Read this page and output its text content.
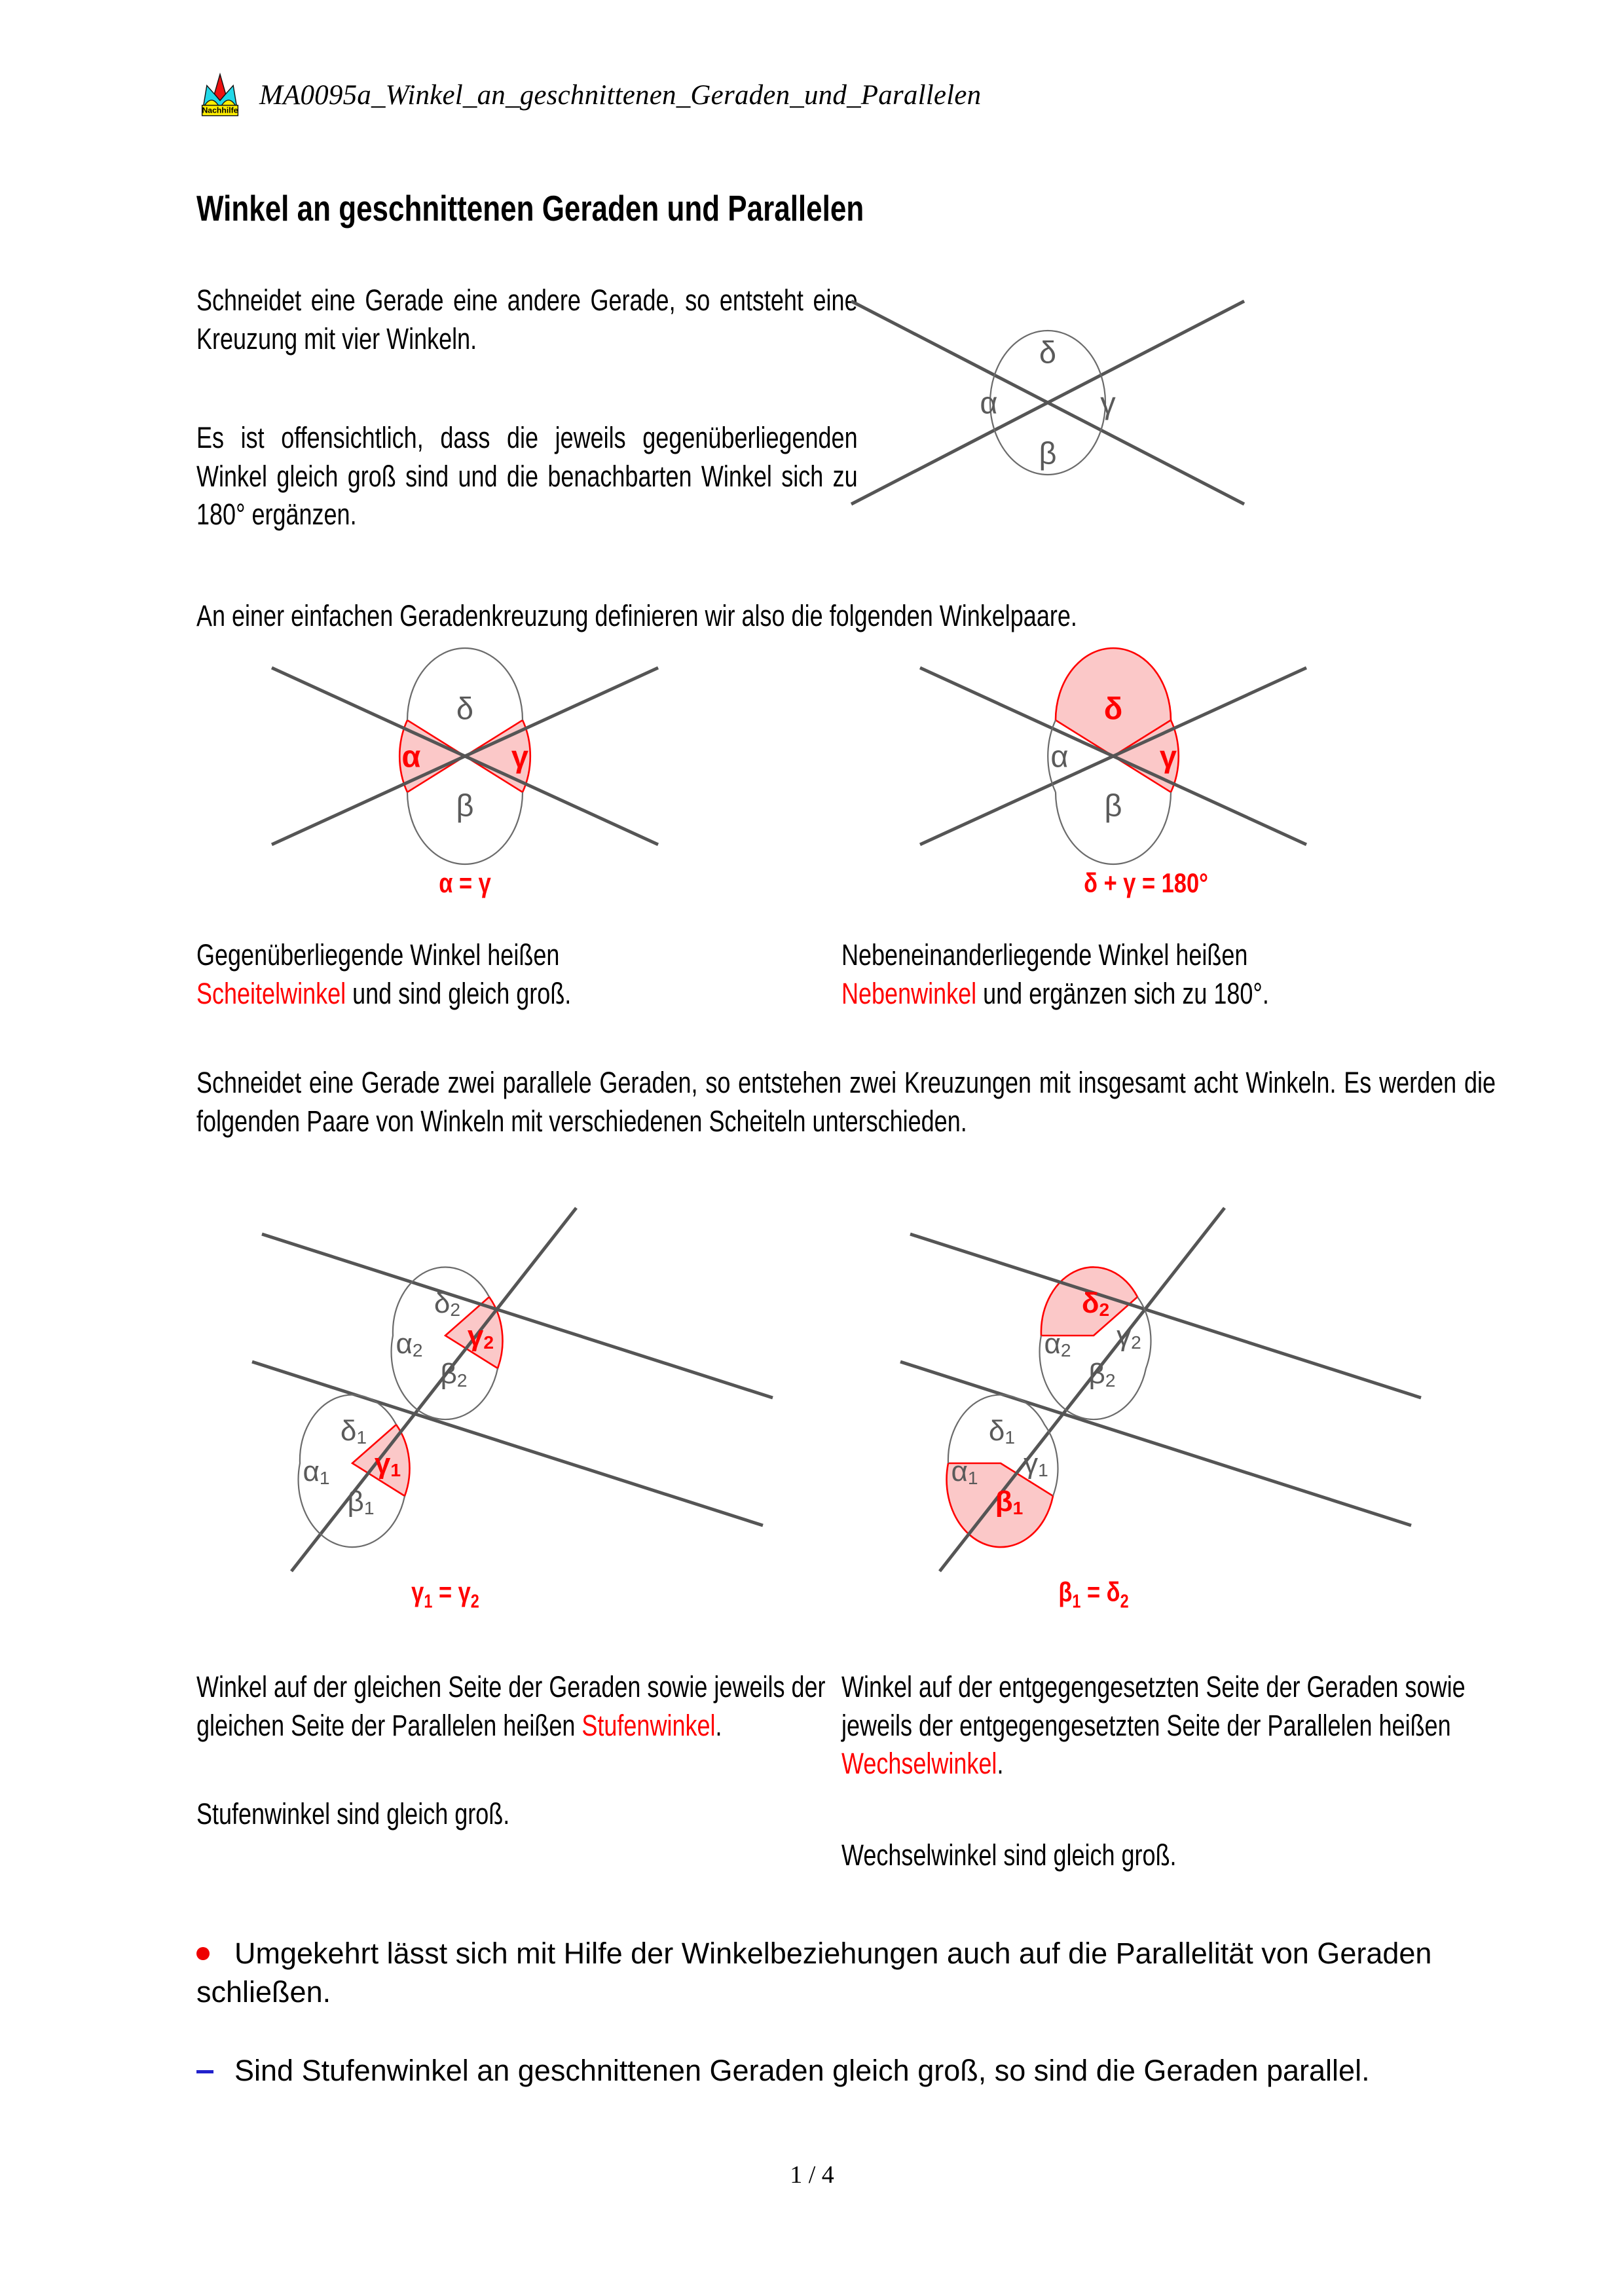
Nachhilfe MA0095a_Winkel_an_geschnittenen_Geraden_und_Parallelen
Winkel an geschnittenen Geraden und Parallelen
Schneidet eine Gerade eine andere Gerade, so entsteht eine Kreuzung mit vier Winkeln.
Es ist offensichtlich, dass die jeweils gegenüberliegenden Winkel gleich groß sind und die benachbarten Winkel sich zu 180° ergänzen.
α
δ
γ
β
An einer einfachen Geradenkreuzung definieren wir also die folgenden Winkelpaare.
α
δ
γ
β
α = γ
α
δ
γ
β
δ + γ = 180°
Gegenüberliegende Winkel heißen
Scheitelwinkel und sind gleich groß.
Nebeneinanderliegende Winkel heißen
Nebenwinkel und ergänzen sich zu 180°.
Schneidet eine Gerade zwei parallele Geraden, so entstehen zwei Kreuzungen mit insgesamt acht Winkeln. Es werden die folgenden Paare von Winkeln mit verschiedenen Scheiteln unterschieden.
$\delta_2$
$\alpha_2$ $\gamma_2$
$\beta_2$
$\delta_1$
$\alpha_1$ $\gamma_1$
$\beta_1$
$\gamma_1 = \gamma_2$
$\delta_2$
$\alpha_2$ $\gamma_2$
$\beta_2$
$\delta_1$
$\alpha_1$ $\gamma_1$
$\beta_1$
$\beta_1 = \delta_2$
Winkel auf der gleichen Seite der Geraden sowie jeweils der gleichen Seite der Parallelen heißen Stufenwinkel.
Stufenwinkel sind gleich groß.
Winkel auf der entgegengesetzten Seite der Geraden sowie jeweils der entgegengesetzten Seite der Parallelen heißen Wechselwinkel.
Wechselwinkel sind gleich groß.
Umgekehrt lässt sich mit Hilfe der Winkelbeziehungen auch auf die Parallelität von Geraden schließen.
Sind Stufenwinkel an geschnittenen Geraden gleich groß, so sind die Geraden parallel.
1 / 4
